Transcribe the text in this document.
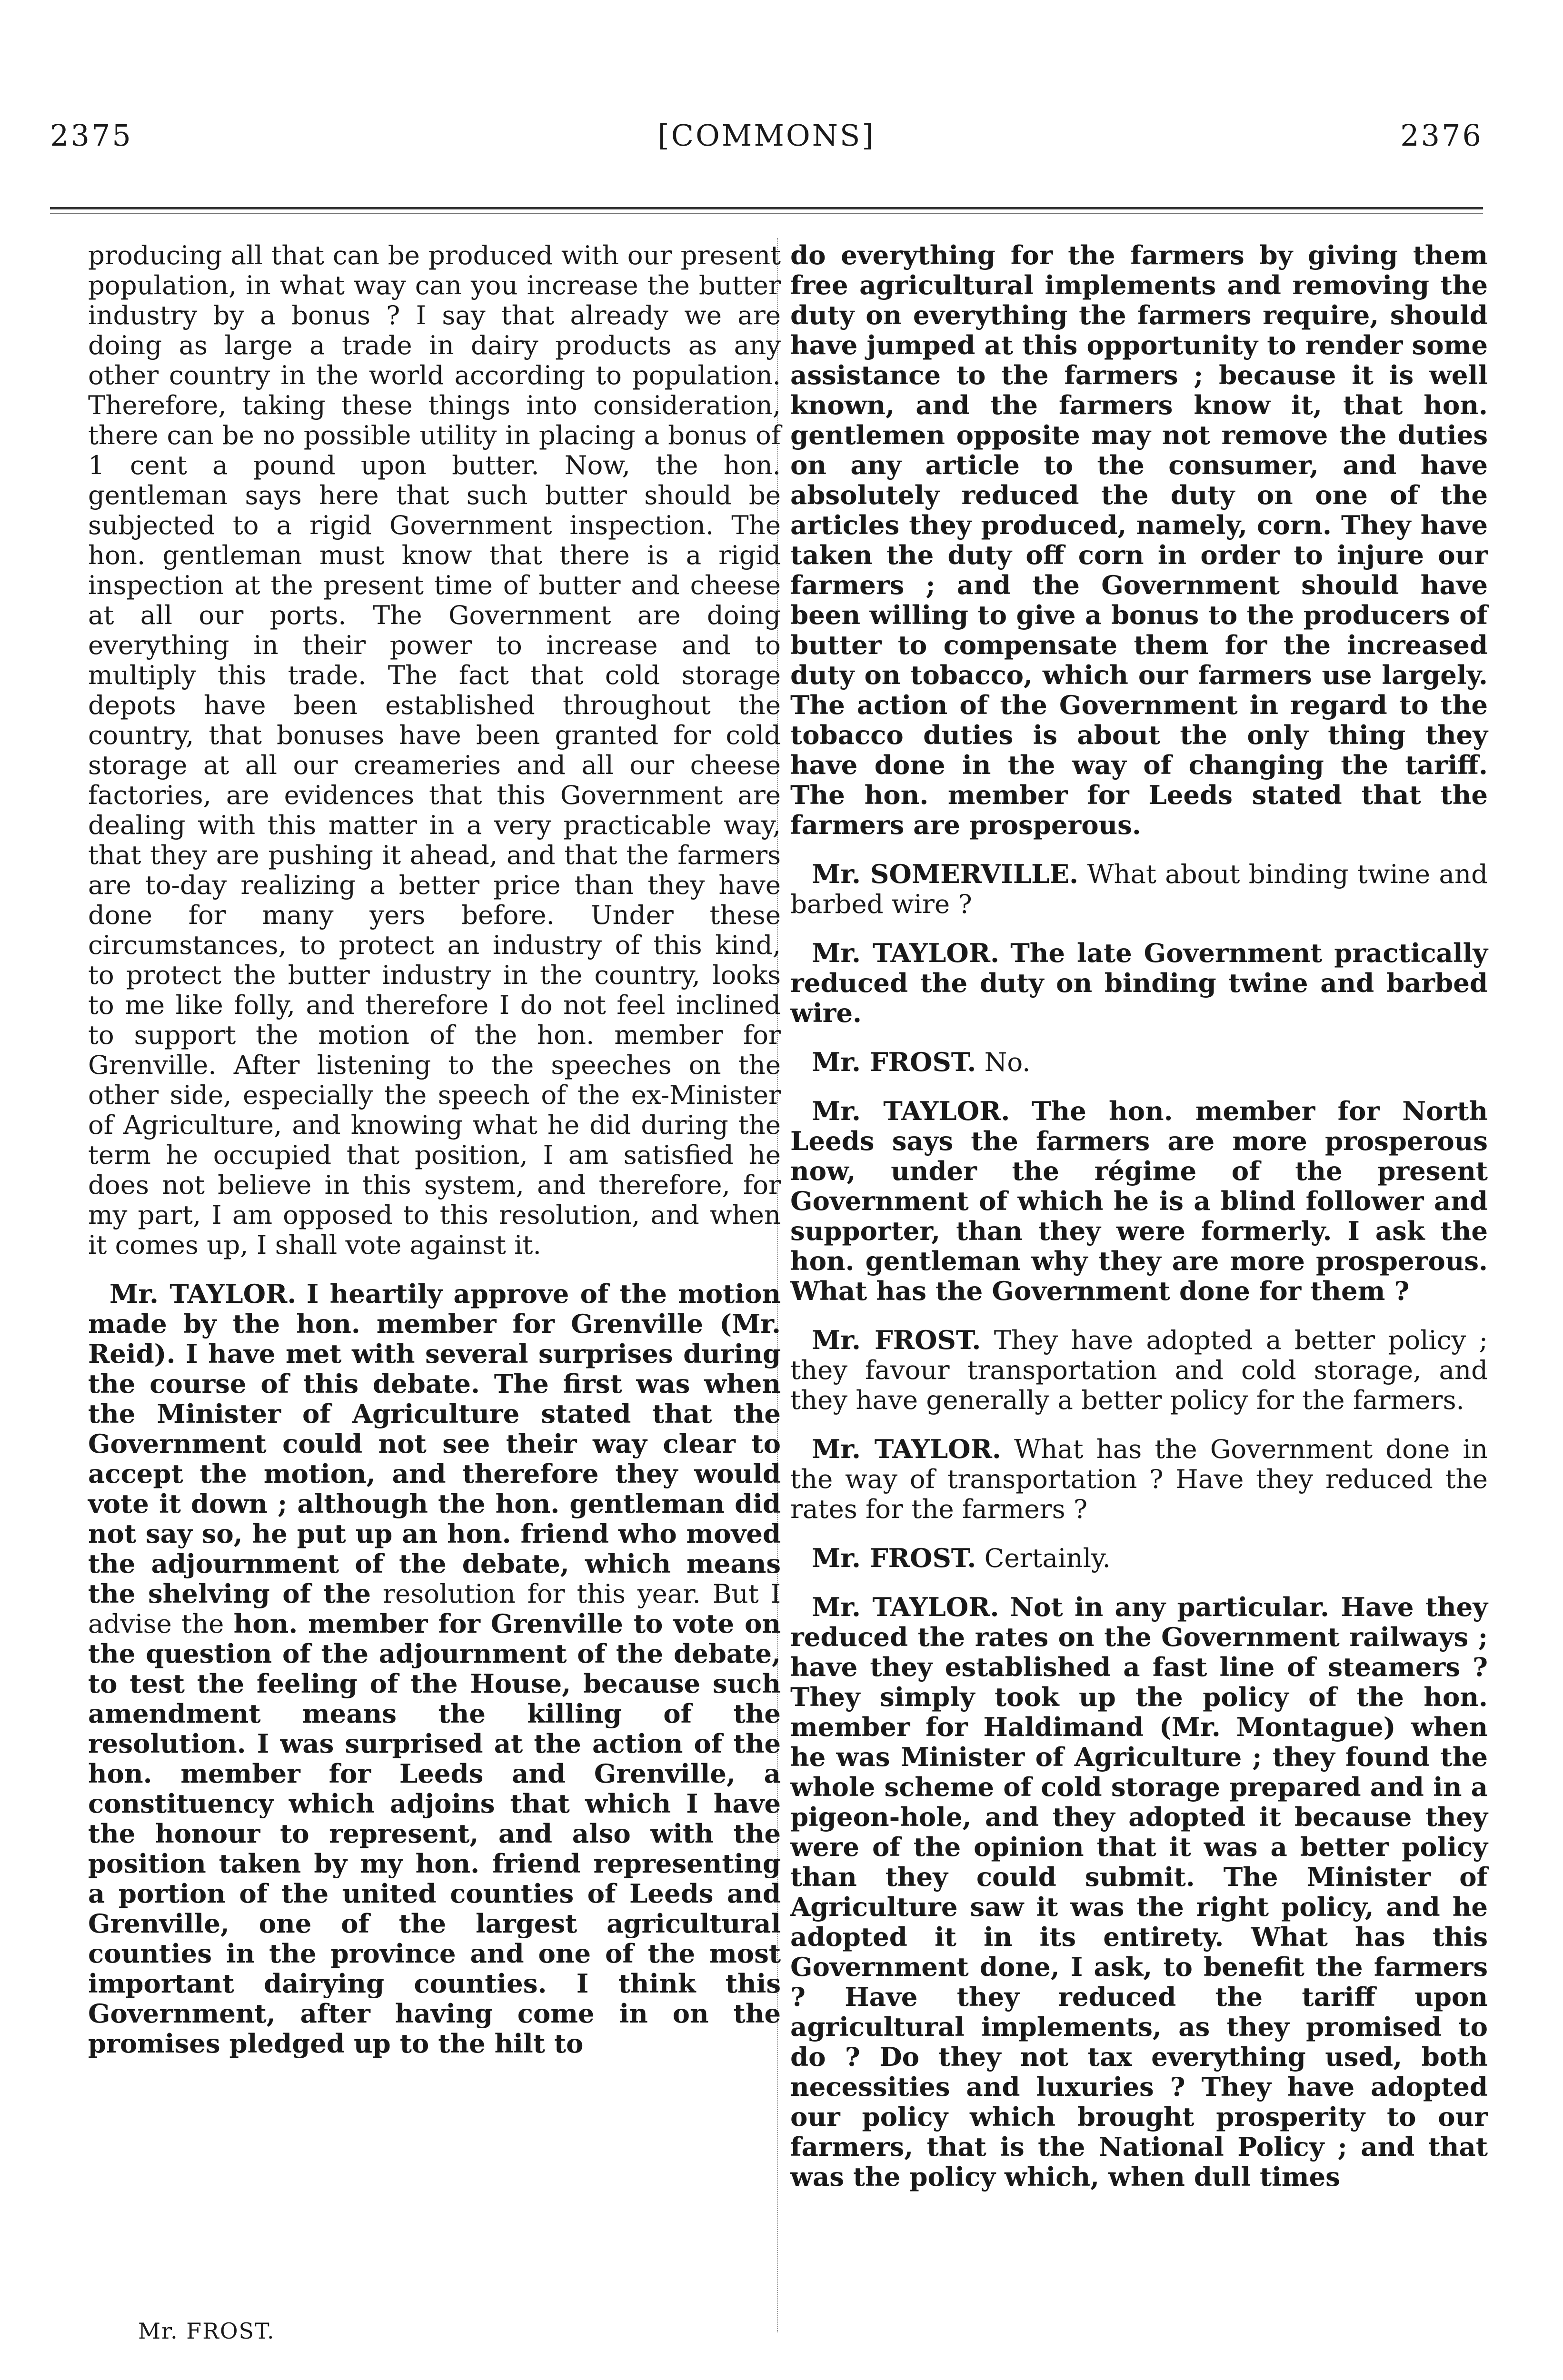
2375	[COMMONS]	2376

producing all that can be produced with our present population, in what way can you increase the butter industry by a bonus ? I say that already we are doing as large a trade in dairy products as any other country in the world according to population. Therefore, taking these things into consideration, there can be no possible utility in placing a bonus of 1 cent a pound upon butter. Now, the hon. gentleman says here that such butter should be subjected to a rigid Government inspection. The hon. gentleman must know that there is a rigid inspection at the present time of butter and cheese at all our ports. The Government are doing everything in their power to increase and to multiply this trade. The fact that cold storage depots have been established throughout the country, that bonuses have been granted for cold storage at all our creameries and all our cheese factories, are evidences that this Government are dealing with this matter in a very practicable way, that they are pushing it ahead, and that the farmers are to-day realizing a better price than they have done for many yers before. Under these circumstances, to protect an industry of this kind, to protect the butter industry in the country, looks to me like folly, and therefore I do not feel inclined to support the motion of the hon. member for Grenville. After listening to the speeches on the other side, especially the speech of the ex-Minister of Agriculture, and knowing what he did during the term he occupied that position, I am satisfied he does not believe in this system, and therefore, for my part, I am opposed to this resolution, and when it comes up, I shall vote against it.

Mr. TAYLOR. I heartily approve of the motion made by the hon. member for Grenville (Mr. Reid). I have met with several surprises during the course of this debate. The first was when the Minister of Agriculture stated that the Government could not see their way clear to accept the motion, and therefore they would vote it down ; although the hon. gentleman did not say so, he put up an hon. friend who moved the adjournment of the debate, which means the shelving of the resolution for this year. But I advise the hon. member for Grenville to vote on the question of the adjournment of the debate, to test the feeling of the House, because such amendment means the killing of the resolution. I was surprised at the action of the hon. member for Leeds and Grenville, a constituency which adjoins that which I have the honour to represent, and also with the position taken by my hon. friend representing a portion of the united counties of Leeds and Grenville, one of the largest agricultural counties in the province and one of the most important dairying counties. I think this Government, after having come in on the promises pledged up to the hilt to

do everything for the farmers by giving them free agricultural implements and removing the duty on everything the farmers require, should have jumped at this opportunity to render some assistance to the farmers ; because it is well known, and the farmers know it, that hon. gentlemen opposite may not remove the duties on any article to the consumer, and have absolutely reduced the duty on one of the articles they produced, namely, corn. They have taken the duty off corn in order to injure our farmers ; and the Government should have been willing to give a bonus to the producers of butter to compensate them for the increased duty on tobacco, which our farmers use largely. The action of the Government in regard to the tobacco duties is about the only thing they have done in the way of changing the tariff. The hon. member for Leeds stated that the farmers are prosperous.

Mr. SOMERVILLE. What about binding twine and barbed wire ?

Mr. TAYLOR. The late Government practically reduced the duty on binding twine and barbed wire.

Mr. FROST. No.

Mr. TAYLOR. The hon. member for North Leeds says the farmers are more prosperous now, under the régime of the present Government of which he is a blind follower and supporter, than they were formerly. I ask the hon. gentleman why they are more prosperous. What has the Government done for them ?

Mr. FROST. They have adopted a better policy ; they favour transportation and cold storage, and they have generally a better policy for the farmers.

Mr. TAYLOR. What has the Government done in the way of transportation ? Have they reduced the rates for the farmers ?

Mr. FROST. Certainly.

Mr. TAYLOR. Not in any particular. Have they reduced the rates on the Government railways ; have they established a fast line of steamers ? They simply took up the policy of the hon. member for Haldimand (Mr. Montague) when he was Minister of Agriculture ; they found the whole scheme of cold storage prepared and in a pigeon-hole, and they adopted it because they were of the opinion that it was a better policy than they could submit. The Minister of Agriculture saw it was the right policy, and he adopted it in its entirety. What has this Government done, I ask, to benefit the farmers ? Have they reduced the tariff upon agricultural implements, as they promised to do ? Do they not tax everything used, both necessities and luxuries ? They have adopted our policy which brought prosperity to our farmers, that is the National Policy ; and that was the policy which, when dull times

Mr. FROST.
